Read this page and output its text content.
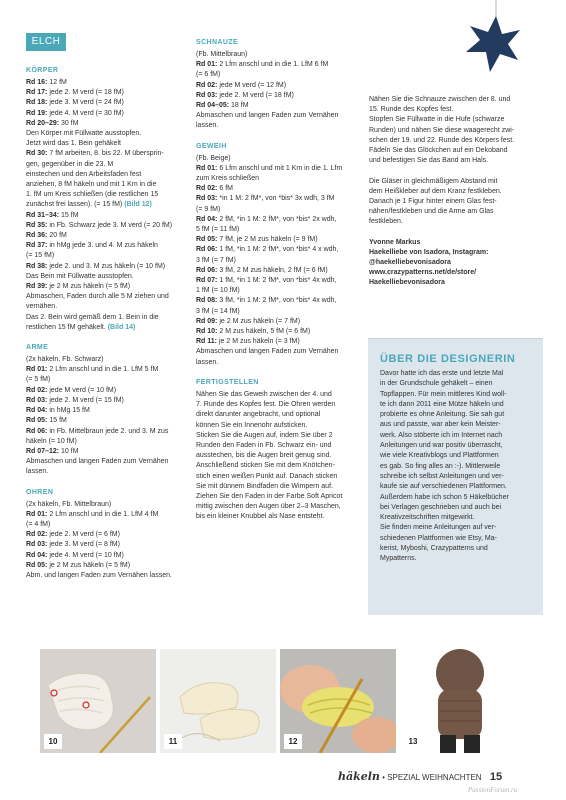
ELCH
KÖRPER
Rd 16: 12 fM
Rd 17: jede 2. M verd (= 18 fM)
Rd 18: jede 3. M verd (= 24 fM)
Rd 19: jede 4. M verd (= 30 fM)
Rd 20–29: 30 fM
Den Körper mit Füllwatte ausstopfen.
Jetzt wird das 1. Bein gehäkelt
Rd 30: 7 fM arbeiten, 8. bis 22. M übersprin-
gen, gegenüber in die 23. M
einstechen und den Arbeitsfaden fest
anziehen, 8 fM häkeln und mit 1 Km in die
1. fM um Kreis schließen (die restlichen 15
zunächst frei lassen). (= 15 fM) (Bild 12)
Rd 31–34: 15 fM
Rd 35: in Fb. Schwarz jede 3. M verd (= 20 fM)
Rd 36: 20 fM
Rd 37: in hMg jede 3. und 4. M zus häkeln
(= 15 fM)
Rd 38: jede 2. und 3. M zus häkeln (= 10 fM)
Das Bein mit Füllwatte ausstopfen.
Rd 39: je 2 M zus häkeln (= 5 fM)
Abmaschen, Faden durch alle 5 M ziehen und
vernähen.
Das 2. Bein wird gemäß dem 1. Bein in die
restlichen 15 fM gehäkelt. (Bild 14)
ARME
(2x häkeln, Fb. Schwarz)
Rd 01: 2 Lfm anschl und in die 1. LfM 5 fM
(= 5 fM)
Rd 02: jede M verd (= 10 fM)
Rd 03: jede 2. M verd (= 15 fM)
Rd 04: in hMg 15 fM
Rd 05: 15 fM
Rd 06: in Fb. Mittelbraun jede 2. und 3. M zus
häkeln (= 10 fM)
Rd 07–12: 10 fM
Abmaschen und langen Faden zum Vernähen
lassen.
OHREN
(2x häkeln, Fb. Mittelbraun)
Rd 01: 2 Lfm anschl und in die 1. LfM 4 fM
(= 4 fM)
Rd 02: jede 2. M verd (= 6 fM)
Rd 03: jede 3. M verd (= 8 fM)
Rd 04: jede 4. M verd (= 10 fM)
Rd 05: je 2 M zus häkeln (= 5 fM)
Abm. und langen Faden zum Vernähen lassen.
SCHNAUZE
(Fb. Mittelbraun)
Rd 01: 2 Lfm anschl und in die 1. LfM 6 fM
(= 6 fM)
Rd 02: jede M verd (= 12 fM)
Rd 03: jede 2. M verd (= 18 fM)
Rd 04–05: 18 fM
Abmaschen und langen Faden zum Vernähen
lassen.
GEWEIH
(Fb. Beige)
Rd 01: 6 Lfm anschl und mit 1 Km in die 1. Lfm
zum Kreis schließen
Rd 02: 6 fM
Rd 03: *in 1 M: 2 fM*, von *bis* 3x wdh, 3 fM
(= 9 fM)
Rd 04: 2 fM, *in 1 M: 2 fM*, von *bis* 2x wdh,
5 fM (= 11 fM)
Rd 05: 7 fM, je 2 M zus häkeln (= 9 fM)
Rd 06: 1 fM, *in 1 M: 2 fM*, von *bis* 4 x wdh,
3 fM (= 7 fM)
Rd 06: 3 fM, 2 M zus häkeln, 2 fM (= 6 fM)
Rd 07: 1 fM, *in 1 M: 2 fM*, von *bis* 4x wdh,
1 fM (= 10 fM)
Rd 08: 3 fM, *in 1 M: 2 fM*, von *bis* 4x wdh,
3 fM (= 14 fM)
Rd 09: je 2 M zus häkeln (= 7 fM)
Rd 10: 2 M zus häkeln, 5 fM (= 6 fM)
Rd 11: je 2 M zus häkeln (= 3 fM)
Abmaschen und langen Faden zum Vernähen
lassen.
FERTIGSTELLEN
Nähen Sie das Geweih zwischen der 4. und
7. Runde des Kopfes fest. Die Ohren werden
direkt darunter angebracht, und optional
können Sie ein Innenohr aufsticken.
Sticken Sie die Augen auf, indem Sie über 2
Runden den Faden in Fb. Schwarz ein- und
ausstechen, bis die Augen breit genug sind.
Anschließend sticken Sie mit dem Knötchen-
stich einen weißen Punkt auf. Danach sticken
Sie mit dünnem Bindfaden die Wimpern auf.
Ziehen Sie den Faden in der Farbe Soft Apricot
mittig zwischen den Augen über 2–3 Maschen,
bis ein kleiner Knubbel als Nase entsteht.
Nähen Sie die Schnauze zwischen der 8. und
15. Runde des Kopfes fest.
Stopfen Sie Füllwatte in die Hufe (schwarze
Runden) und nähen Sie diese waagerecht zwi-
schen der 19. und 22. Runde des Körpers fest.
Fädeln Sie das Glöckchen auf ein Dekoband
und befestigen Sie das Band am Hals.

Die Gläser in gleichmäßigem Abstand mit
dem Heißkleber auf dem Kranz festkleben.
Danach je 1 Figur hinter einem Glas fest-
nähen/festkleben und die Arme am Glas
festkleben.
Yvonne Markus
Haekelliebe von Isadora, Instagram:
@haekelliebevonisadora
www.crazypatterns.net/de/store/
Haekelliebevonisadora
ÜBER DIE DESIGNERIN
Davor hatte ich das erste und letzte Mal
in der Grundschule gehäkelt – einen
Topflappen. Für mein mittleres Kind woll-
te ich dann 2011 eine Mütze häkeln und
probierte es ohne Anleitung. Sie sah gut
aus und passte, war aber kein Meister-
werk. Also stöberte ich im Internet nach
Anleitungen und war positiv überrascht,
wie viele Kreativblogs und Plattformen
es gab. So fing alles an :-). Mittlerweile
schreibe ich selbst Anleitungen und ver-
kaufe sie auf verschiedenen Plattformen.
Außerdem habe ich schon 5 Häkelbücher
bei Verlagen geschrieben und auch bei
Kreativzeitschriften mitgewirkt.
Sie finden meine Anleitungen auf ver-
schiedenen Plattformen wie Etsy, Ma-
kerist, Myboshi, Crazypatterns und
Mypatterns.
10	11	12	13
häkeln • SPEZIAL WEIHNACHTEN 15
PassionForum.ru
